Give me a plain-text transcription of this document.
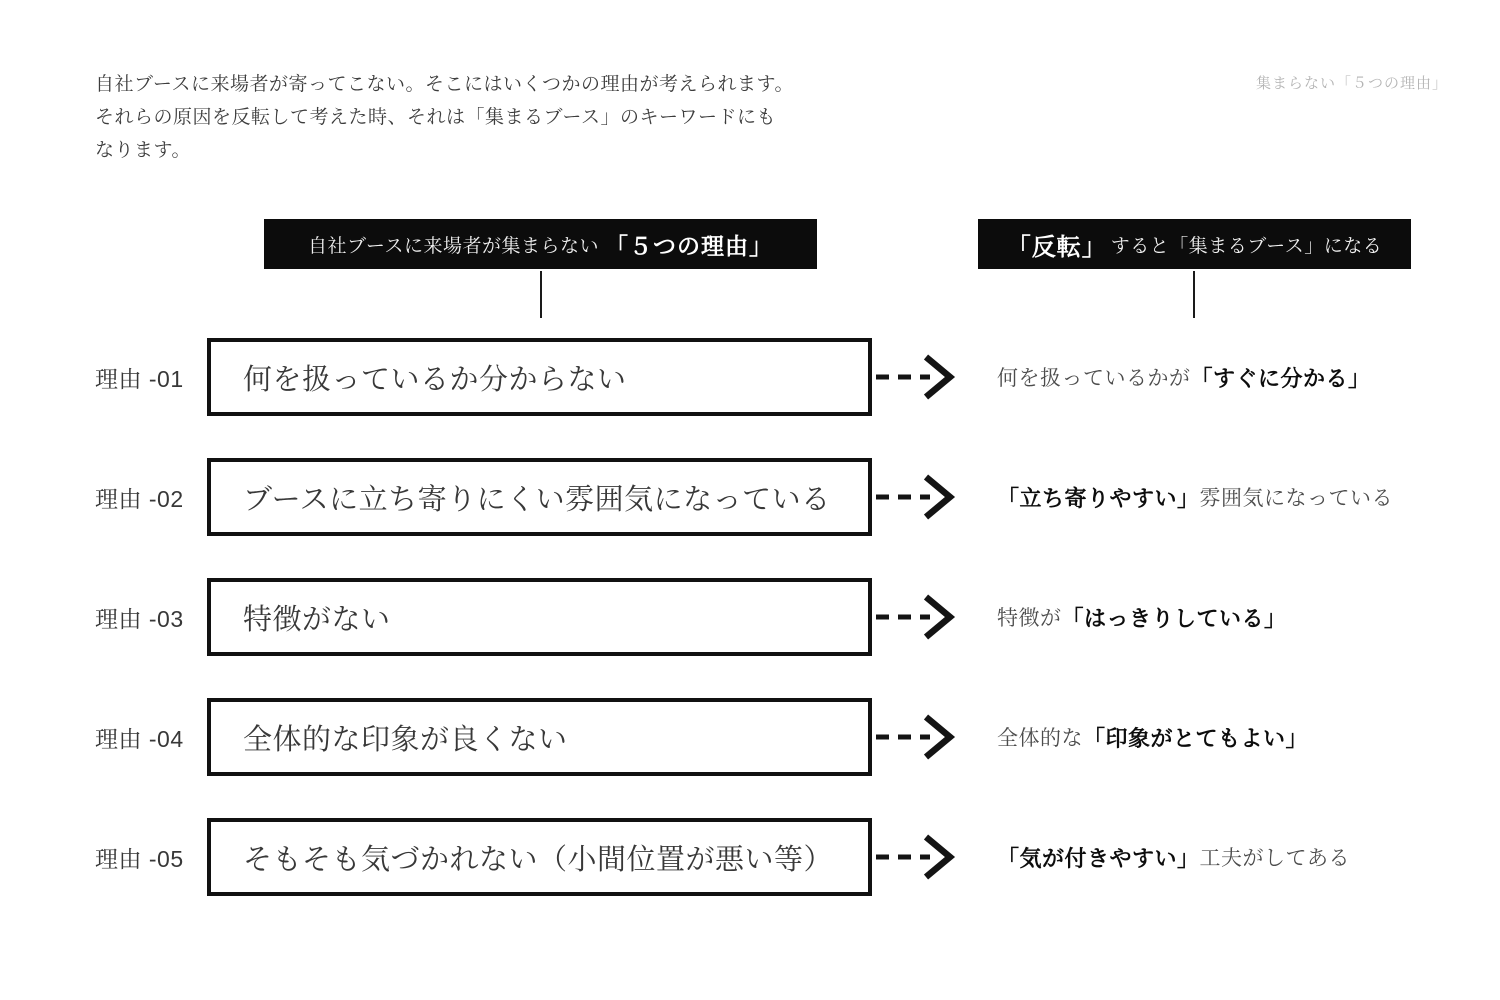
自社ブースに来場者が寄ってこない。そこにはいくつかの理由が考えられます。
それらの原因を反転して考えた時、それは「集まるブース」のキーワードにも
なります。
集まらない「５つの理由」
自社ブースに来場者が集まらない 「５つの理由」	「反転」 すると「集まるブース」になる
理由 -01	何を扱っているか分からない	何を扱っているかが 「すぐに分かる」
理由 -02	ブースに立ち寄りにくい雰囲気になっている	「立ち寄りやすい」 雰囲気になっている
理由 -03	特徴がない	特徴が 「はっきりしている」
理由 -04	全体的な印象が良くない	全体的な 「印象がとてもよい」
理由 -05	そもそも気づかれない（小間位置が悪い等）	「気が付きやすい」 工夫がしてある
